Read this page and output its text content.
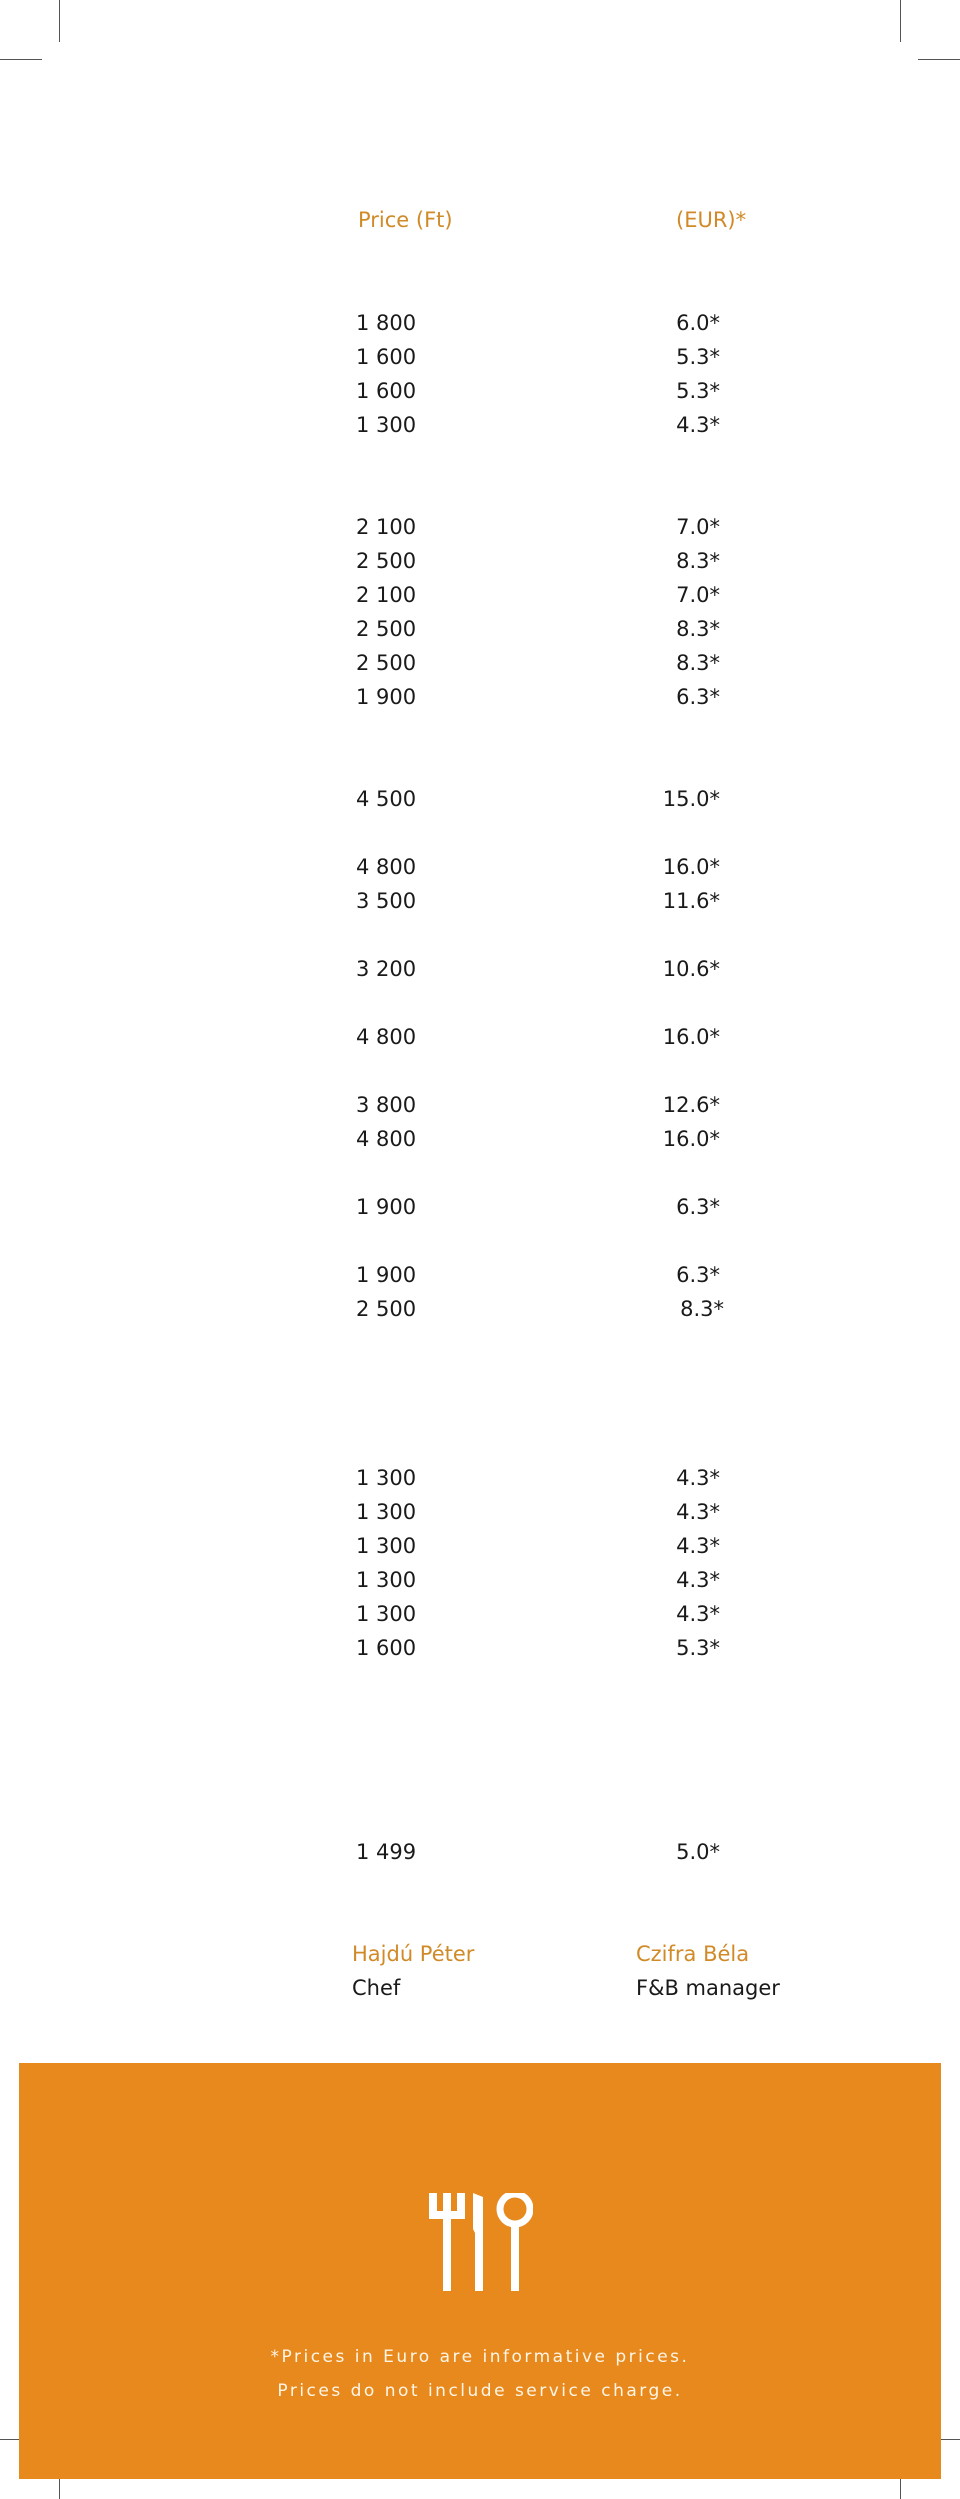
Price (Ft)	(EUR)*
1 800	6.0*
1 600	5.3*
1 600	5.3*
1 300	4.3*
2 100	7.0*
2 500	8.3*
2 100	7.0*
2 500	8.3*
2 500	8.3*
1 900	6.3*
4 500	15.0*
4 800	16.0*
3 500	11.6*
3 200	10.6*
4 800	16.0*
3 800	12.6*
4 800	16.0*
1 900	6.3*
1 900	6.3*
2 500	8.3*
1 300	4.3*
1 300	4.3*
1 300	4.3*
1 300	4.3*
1 300	4.3*
1 600	5.3*
1 499	5.0*
Hajdú Péter
Chef
Czifra Béla
F&B manager
*Prices in Euro are informative prices.
Prices do not include service charge.
